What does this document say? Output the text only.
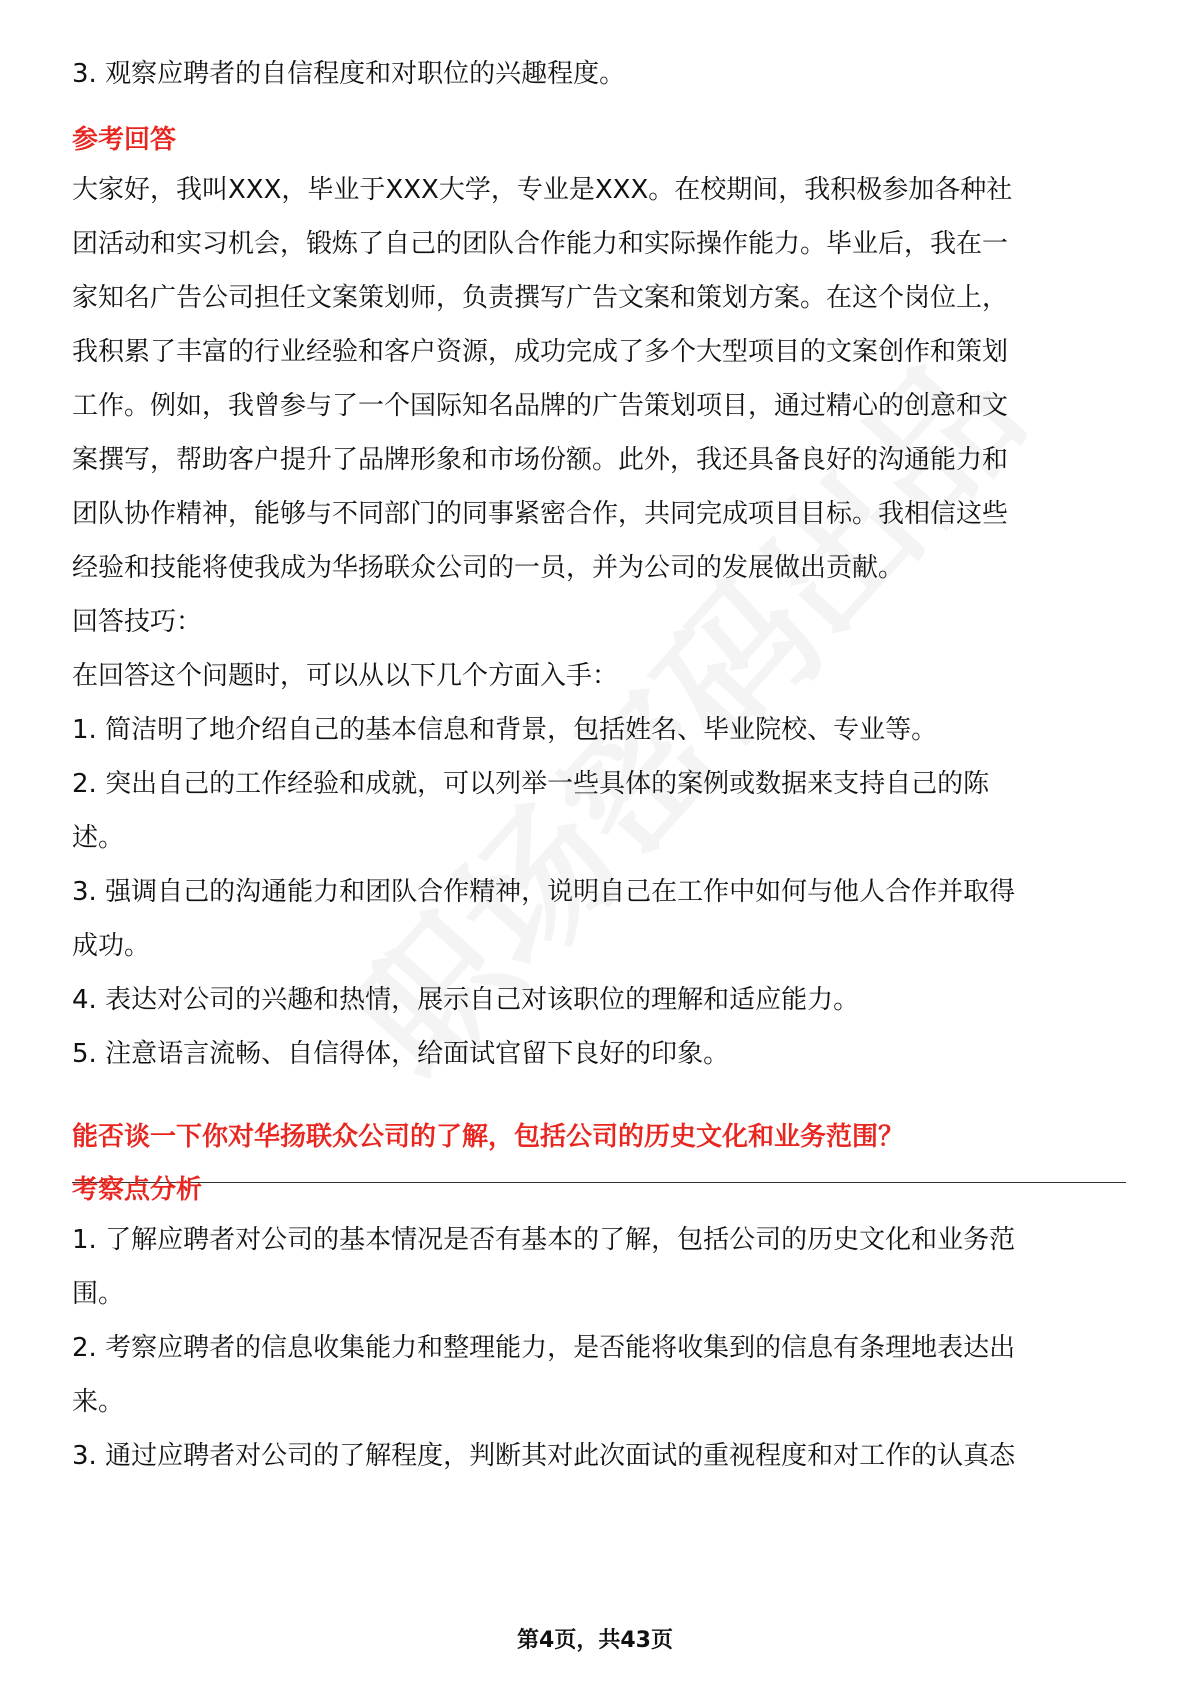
3. 观察应聘者的自信程度和对职位的兴趣程度。

参考回答

大家好，我叫XXX，毕业于XXX大学，专业是XXX。在校期间，我积极参加各种社

团活动和实习机会，锻炼了自己的团队合作能力和实际操作能力。毕业后，我在一

家知名广告公司担任文案策划师，负责撰写广告文案和策划方案。在这个岗位上，

我积累了丰富的行业经验和客户资源，成功完成了多个大型项目的文案创作和策划

工作。例如，我曾参与了一个国际知名品牌的广告策划项目，通过精心的创意和文

案撰写，帮助客户提升了品牌形象和市场份额。此外，我还具备良好的沟通能力和

团队协作精神，能够与不同部门的同事紧密合作，共同完成项目目标。我相信这些

经验和技能将使我成为华扬联众公司的一员，并为公司的发展做出贡献。

回答技巧：

在回答这个问题时，可以从以下几个方面入手：

1. 简洁明了地介绍自己的基本信息和背景，包括姓名、毕业院校、专业等。

2. 突出自己的工作经验和成就，可以列举一些具体的案例或数据来支持自己的陈

述。

3. 强调自己的沟通能力和团队合作精神，说明自己在工作中如何与他人合作并取得

成功。

4. 表达对公司的兴趣和热情，展示自己对该职位的理解和适应能力。

5. 注意语言流畅、自信得体，给面试官留下良好的印象。

能否谈一下你对华扬联众公司的了解，包括公司的历史文化和业务范围？

考察点分析

1. 了解应聘者对公司的基本情况是否有基本的了解，包括公司的历史文化和业务范

围。

2. 考察应聘者的信息收集能力和整理能力，是否能将收集到的信息有条理地表达出

来。

3. 通过应聘者对公司的了解程度，判断其对此次面试的重视程度和对工作的认真态

第4页，共43页
